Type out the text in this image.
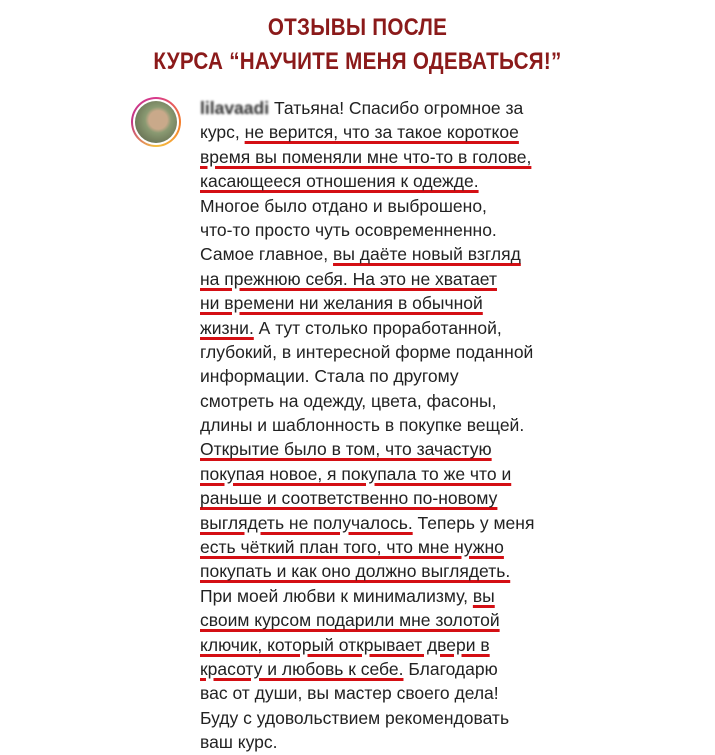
ОТЗЫВЫ ПОСЛЕ
КУРСА “НАУЧИТЕ МЕНЯ ОДЕВАТЬСЯ!”
lilavaadi Татьяна! Спасибо огромное за
курс, не верится, что за такое короткое
время вы поменяли мне что-то в голове,
касающееся отношения к одежде.
Многое было отдано и выброшено,
что-то просто чуть осовременненно.
Самое главное, вы даёте новый взгляд
на прежнюю себя. На это не хватает
ни времени ни желания в обычной
жизни. А тут столько проработанной,
глубокий, в интересной форме поданной
информации. Стала по другому
смотреть на одежду, цвета, фасоны,
длины и шаблонность в покупке вещей.
Открытие было в том, что зачастую
покупая новое, я покупала то же что и
раньше и соответственно по-новому
выглядеть не получалось. Теперь у меня
есть чёткий план того, что мне нужно
покупать и как оно должно выглядеть.
При моей любви к минимализму, вы
своим курсом подарили мне золотой
ключик, который открывает двери в
красоту и любовь к себе. Благодарю
вас от души, вы мастер своего дела!
Буду с удовольствием рекомендовать
ваш курс.
